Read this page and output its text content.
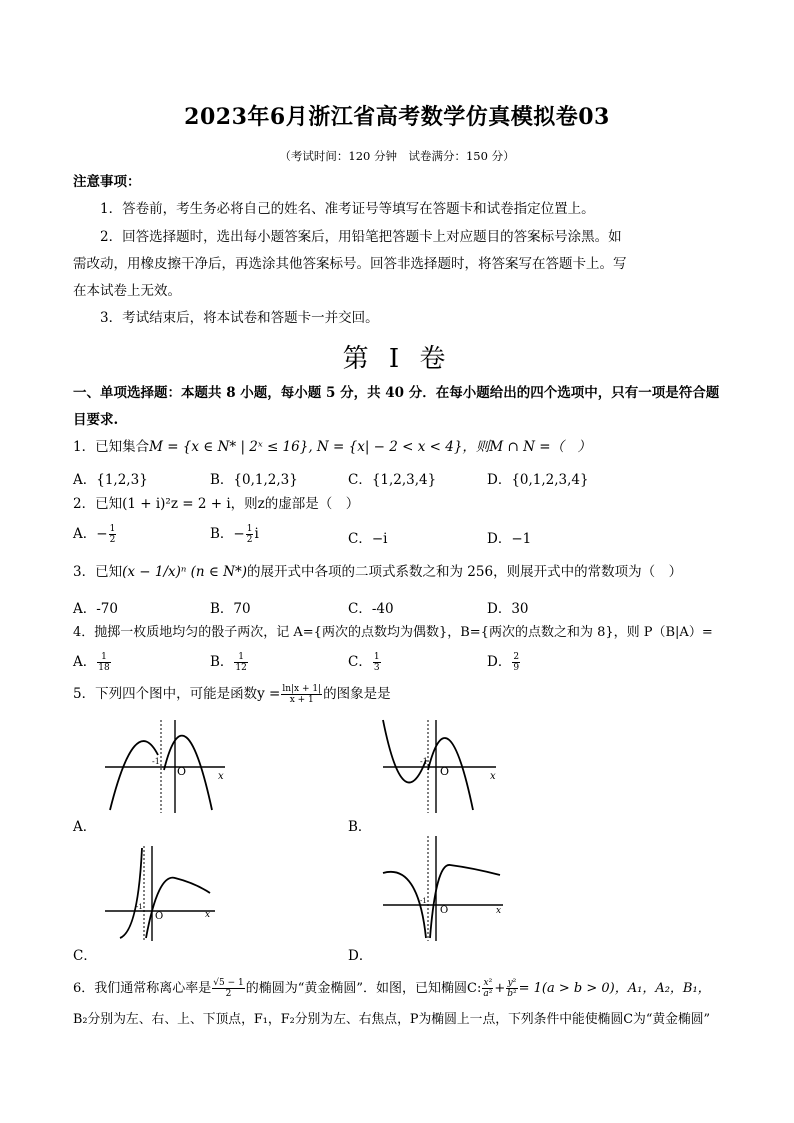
2023年6月浙江省高考数学仿真模拟卷03
（考试时间：120 分钟　试卷满分：150 分）
注意事项：
1．答卷前，考生务必将自己的姓名、准考证号等填写在答题卡和试卷指定位置上。
2．回答选择题时，选出每小题答案后，用铅笔把答题卡上对应题目的答案标号涂黑。如
需改动，用橡皮擦干净后，再选涂其他答案标号。回答非选择题时，将答案写在答题卡上。写
在本试卷上无效。
3．考试结束后，将本试卷和答题卡一并交回。
第 I 卷
一、单项选择题：本题共 8 小题，每小题 5 分，共 40 分．在每小题给出的四个选项中，只有一项是符合题
目要求.
1．已知集合M = {x ∈ N* | 2ˣ ≤ 16}, N = {x| − 2 < x < 4}，则M ∩ N =（　）
A．{1,2,3}	B．{0,1,2,3}	C．{1,2,3,4}	D．{0,1,2,3,4}
2．已知(1 + i)²z = 2 + i，则z的虚部是（　）
A．− $\frac{1}{2}$	B．− $\frac{1}{2}$ i	C．−i	D．−1
3．已知(x − 1/x)ⁿ (n ∈ N*)的展开式中各项的二项式系数之和为 256，则展开式中的常数项为（　）
A．-70	B．70	C．-40	D．30
4．抛掷一枚质地均匀的骰子两次，记 A={两次的点数均为偶数}，B={两次的点数之和为 8}，则 P（B|A）=
A． $\frac{1}{18}$	B． $\frac{1}{12}$	C． $\frac{1}{3}$	D． $\frac{2}{9}$
5．下列四个图中，可能是函数$y = \frac{\ln|x + 1|}{x + 1}$ 的图象是是
x
O
-1
A．
x
O
-1
B．
x
O
-1
C．
x
O
-1
D．
6．我们通常称离心率是 $\frac{√5 - 1}{2}$ 的椭圆为“黄金椭圆”．如图，已知椭圆C: $\frac{\text{x²}}{\text{a²}} + \frac{\text{y²}}{\text{b²}} = 1(a > b > 0)$，A₁，A₂，B₁，
B₂分别为左、右、上、下顶点，F₁，F₂分别为左、右焦点，P为椭圆上一点，下列条件中能使椭圆C为“黄金椭圆”
